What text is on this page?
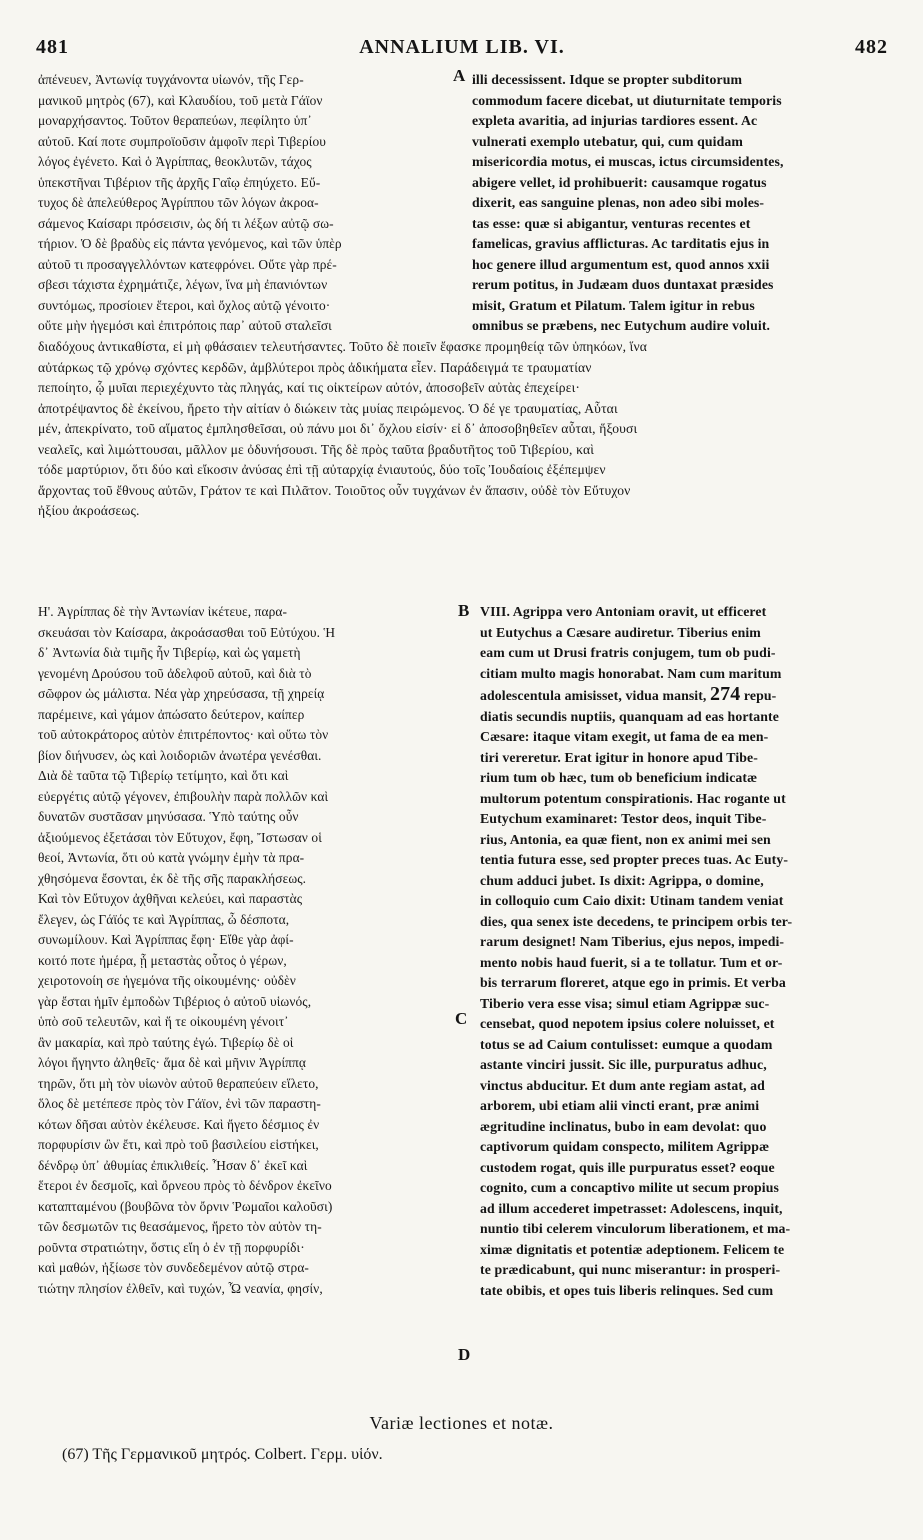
481	ANNALIUM LIB. VI.	482
ἀπένευεν, Ἀντωνίᾳ τυγχάνοντα υἱωνόν, τῆς Γερ-
μανικοῦ μητρὸς (67), καὶ Κλαυδίου, τοῦ μετὰ Γάϊον
μοναρχήσαντος. Τοῦτον θεραπεύων, πεφίλητο ὑπ᾿
αὐτοῦ. Καί ποτε συμπροϊοῦσιν ἀμφοῖν περὶ Τιβερίου
λόγος ἐγένετο. Καὶ ὁ Ἀγρίππας, θεοκλυτῶν, τάχος
ὑπεκστῆναι Τιβέριον τῆς ἀρχῆς Γαΐῳ ἐπηύχετο. Εὔ-
τυχος δὲ ἀπελεύθερος Ἀγρίππου τῶν λόγων ἀκροα-
σάμενος Καίσαρι πρόσεισιν, ὡς δή τι λέξων αὐτῷ σω-
τήριον. Ὁ δὲ βραδὺς εἰς πάντα γενόμενος, καὶ τῶν ὑπὲρ
αὐτοῦ τι προσαγγελλόντων κατεφρόνει. Οὔτε γὰρ πρέ-
σβεσι τάχιστα ἐχρημάτιζε, λέγων, ἵνα μὴ ἐπανιόντων
συντόμως, προσίοιεν ἕτεροι, καὶ ὄχλος αὐτῷ γένοιτο·
οὔτε μὴν ἡγεμόσι καὶ ἐπιτρόποις παρ᾿ αὐτοῦ σταλεῖσι
A illi decessissent. Idque se propter subditorum
commodum facere dicebat, ut diuturnitate temporis
expleta avaritia, ad injurias tardiores essent. Ac
vulnerati exemplo utebatur, qui, cum quidam
misericordia motus, ei muscas, ictus circumsidentes,
abigere vellet, id prohibuerit: causamque rogatus
dixerit, eas sanguine plenas, non adeo sibi moles-
tas esse: quæ si abigantur, venturas recentes et
famelicas, gravius afflicturas. Ac tarditatis ejus in
hoc genere illud argumentum est, quod annos xxii
rerum potitus, in Judæam duos duntaxat præsides
misit, Gratum et Pilatum. Talem igitur in rebus
omnibus se præbens, nec Eutychum audire voluit.
διαδόχους ἀντικαθίστα, εἰ μὴ φθάσαιεν τελευτήσαντες. Τοῦτο δὲ ποιεῖν ἔφασκε προμηθείᾳ τῶν ὑπηκόων, ἵνα
αὐτάρκως τῷ χρόνῳ σχόντες κερδῶν, ἀμβλύτεροι πρὸς ἀδικήματα εἶεν. Παράδειγμά τε τραυματίαν
πεποίητο, ᾧ μυῖαι περιεχέχυντο τὰς πληγάς, καί τις οἰκτείρων αὐτόν, ἀποσοβεῖν αὐτὰς ἐπεχείρει·
ἀποτρέψαντος δὲ ἐκείνου, ἤρετο τὴν αἰτίαν ὁ διώκειν τὰς μυίας πειρώμενος. Ὁ δέ γε τραυματίας, Αὗται
μέν, ἀπεκρίνατο, τοῦ αἵματος ἐμπλησθεῖσαι, οὐ πάνυ μοι δι᾿ ὄχλου εἰσίν· εἰ δ᾿ ἀποσοβηθεῖεν αὗται, ἥξουσι
νεαλεῖς, καὶ λιμώττουσαι, μᾶλλον με ὀδυνήσουσι. Τῆς δὲ πρὸς ταῦτα βραδυτῆτος τοῦ Τιβερίου, καὶ
τόδε μαρτύριον, ὅτι δύο καὶ εἴκοσιν ἀνύσας ἐπὶ τῇ αὐταρχίᾳ ἐνιαυτούς, δύο τοῖς Ἰουδαίοις ἐξέπεμψεν
ἄρχοντας τοῦ ἔθνους αὐτῶν, Γράτον τε καὶ Πιλᾶτον. Τοιοῦτος οὖν τυγχάνων ἐν ἅπασιν, οὐδὲ τὸν Εὔτυχον
ἠξίου ἀκροάσεως.
B
Η'. Ἀγρίππας δὲ τὴν Ἀντωνίαν ἱκέτευε, παρα-
σκευάσαι τὸν Καίσαρα, ἀκροάσασθαι τοῦ Εὐτύχου. Ἡ
δ᾿ Ἀντωνία διὰ τιμῆς ἦν Τιβερίῳ, καὶ ὡς γαμετὴ
γενομένη Δρούσου τοῦ ἀδελφοῦ αὐτοῦ, καὶ διὰ τὸ
σῶφρον ὡς μάλιστα. Νέα γὰρ χηρεύσασα, τῇ χηρείᾳ
παρέμεινε, καὶ γάμον ἀπώσατο δεύτερον, καίπερ
τοῦ αὐτοκράτορος αὐτὸν ἐπιτρέποντος· καὶ οὕτω τὸν
βίον διήνυσεν, ὡς καὶ λοιδοριῶν ἀνωτέρα γενέσθαι.
Διὰ δὲ ταῦτα τῷ Τιβερίῳ τετίμητο, καὶ ὅτι καὶ
εὐεργέτις αὐτῷ γέγονεν, ἐπιβουλὴν παρὰ πολλῶν καὶ
δυνατῶν συστᾶσαν μηνύσασα. Ὑπὸ ταύτης οὖν
ἀξιούμενος ἐξετάσαι τὸν Εὔτυχον, ἔφη, Ἴστωσαν οἱ
θεοί, Ἀντωνία, ὅτι οὐ κατὰ γνώμην ἐμὴν τὰ πρα-
χθησόμενα ἔσονται, ἐκ δὲ τῆς σῆς παρακλήσεως.
Καὶ τὸν Εὔτυχον ἀχθῆναι κελεύει, καὶ παραστὰς
ἔλεγεν, ὡς Γάϊός τε καὶ Ἀγρίππας, ὦ δέσποτα,
συνωμίλουν. Καὶ Ἀγρίππας ἔφη· Εἴθε γὰρ ἀφί-
κοιτό ποτε ἡμέρα, ᾗ μεταστὰς οὗτος ὁ γέρων,
χειροτονοίη σε ἡγεμόνα τῆς οἰκουμένης· οὐδὲν
γὰρ ἔσται ἡμῖν ἐμποδὼν Τιβέριος ὁ αὐτοῦ υἱωνός,
ὑπὸ σοῦ τελευτῶν, καὶ ἥ τε οἰκουμένη γένοιτ᾿
ἂν μακαρία, καὶ πρὸ ταύτης ἐγώ. Τιβερίῳ δὲ οἱ
λόγοι ἤγηντο ἀληθεῖς· ἅμα δὲ καὶ μῆνιν Ἀγρίππᾳ
τηρῶν, ὅτι μὴ τὸν υἱωνὸν αὐτοῦ θεραπεύειν εἵλετο,
ὅλος δὲ μετέπεσε πρὸς τὸν Γάϊον, ἑνὶ τῶν παραστη-
κότων δῆσαι αὐτὸν ἐκέλευσε. Καὶ ἤγετο δέσμιος ἐν
πορφυρίσιν ὢν ἔτι, καὶ πρὸ τοῦ βασιλείου εἱστήκει,
δένδρῳ ὑπ᾿ ἀθυμίας ἐπικλιθείς. Ἦσαν δ᾿ ἐκεῖ καὶ
ἕτεροι ἐν δεσμοῖς, καὶ ὄρνεου πρὸς τὸ δένδρον ἐκεῖνο
καταπταμένου (βουβῶνα τὸν ὄρνιν Ῥωμαῖοι καλοῦσι)
τῶν δεσμωτῶν τις θεασάμενος, ἤρετο τὸν αὐτὸν τη-
ροῦντα στρατιώτην, ὅστις εἴη ὁ ἐν τῇ πορφυρίδι·
καὶ μαθών, ἠξίωσε τὸν συνδεδεμένον αὐτῷ στρα-
τιώτην πλησίον ἐλθεῖν, καὶ τυχών, Ὦ νεανία, φησίν,
VIII. Agrippa vero Antoniam oravit, ut efficeret
ut Eutychus a Cæsare audiretur. Tiberius enim
eam cum ut Drusi fratris conjugem, tum ob pudi-
citiam multo magis honorabat. Nam cum maritum
adolescentula amisisset, vidua mansit, 274 repu-
diatis secundis nuptiis, quanquam ad eas hortante
Cæsare: itaque vitam exegit, ut fama de ea men-
tiri vereretur. Erat igitur in honore apud Tibe-
rium tum ob hæc, tum ob beneficium indicatæ
multorum potentum conspirationis. Hac rogante ut
Eutychum examinaret: Testor deos, inquit Tibe-
rius, Antonia, ea quæ fient, non ex animi mei sen
tentia futura esse, sed propter preces tuas. Ac Euty-
chum adduci jubet. Is dixit: Agrippa, o domine,
in colloquio cum Caio dixit: Utinam tandem veniat
dies, qua senex iste decedens, te principem orbis ter-
rarum designet! Nam Tiberius, ejus nepos, impedi-
mento nobis haud fuerit, si a te tollatur. Tum et or-
bis terrarum floreret, atque ego in primis. Et verba
Tiberio vera esse visa; simul etiam Agrippæ suc-
censebat, quod nepotem ipsius colere noluisset, et
totus se ad Caium contulisset: eumque a quodam
astante vinciri jussit. Sic ille, purpuratus adhuc,
vinctus abducitur. Et dum ante regiam astat, ad
arborem, ubi etiam alii vincti erant, præ animi
ægritudine inclinatus, bubo in eam devolat: quo
captivorum quidam conspecto, militem Agrippæ
custodem rogat, quis ille purpuratus esset? eoque
cognito, cum a concaptivo milite ut secum propius
ad illum accederet impetrasset: Adolescens, inquit,
nuntio tibi celerem vinculorum liberationem, et ma-
ximæ dignitatis et potentiæ adeptionem. Felicem te
te prædicabunt, qui nunc miserantur: in prosperi-
tate obibis, et opes tuis liberis relinques. Sed cum
C
D
Variæ lectiones et notæ.
(67) Τῆς Γερμανικοῦ μητρός. Colbert. Γερμ. υἱόν.
